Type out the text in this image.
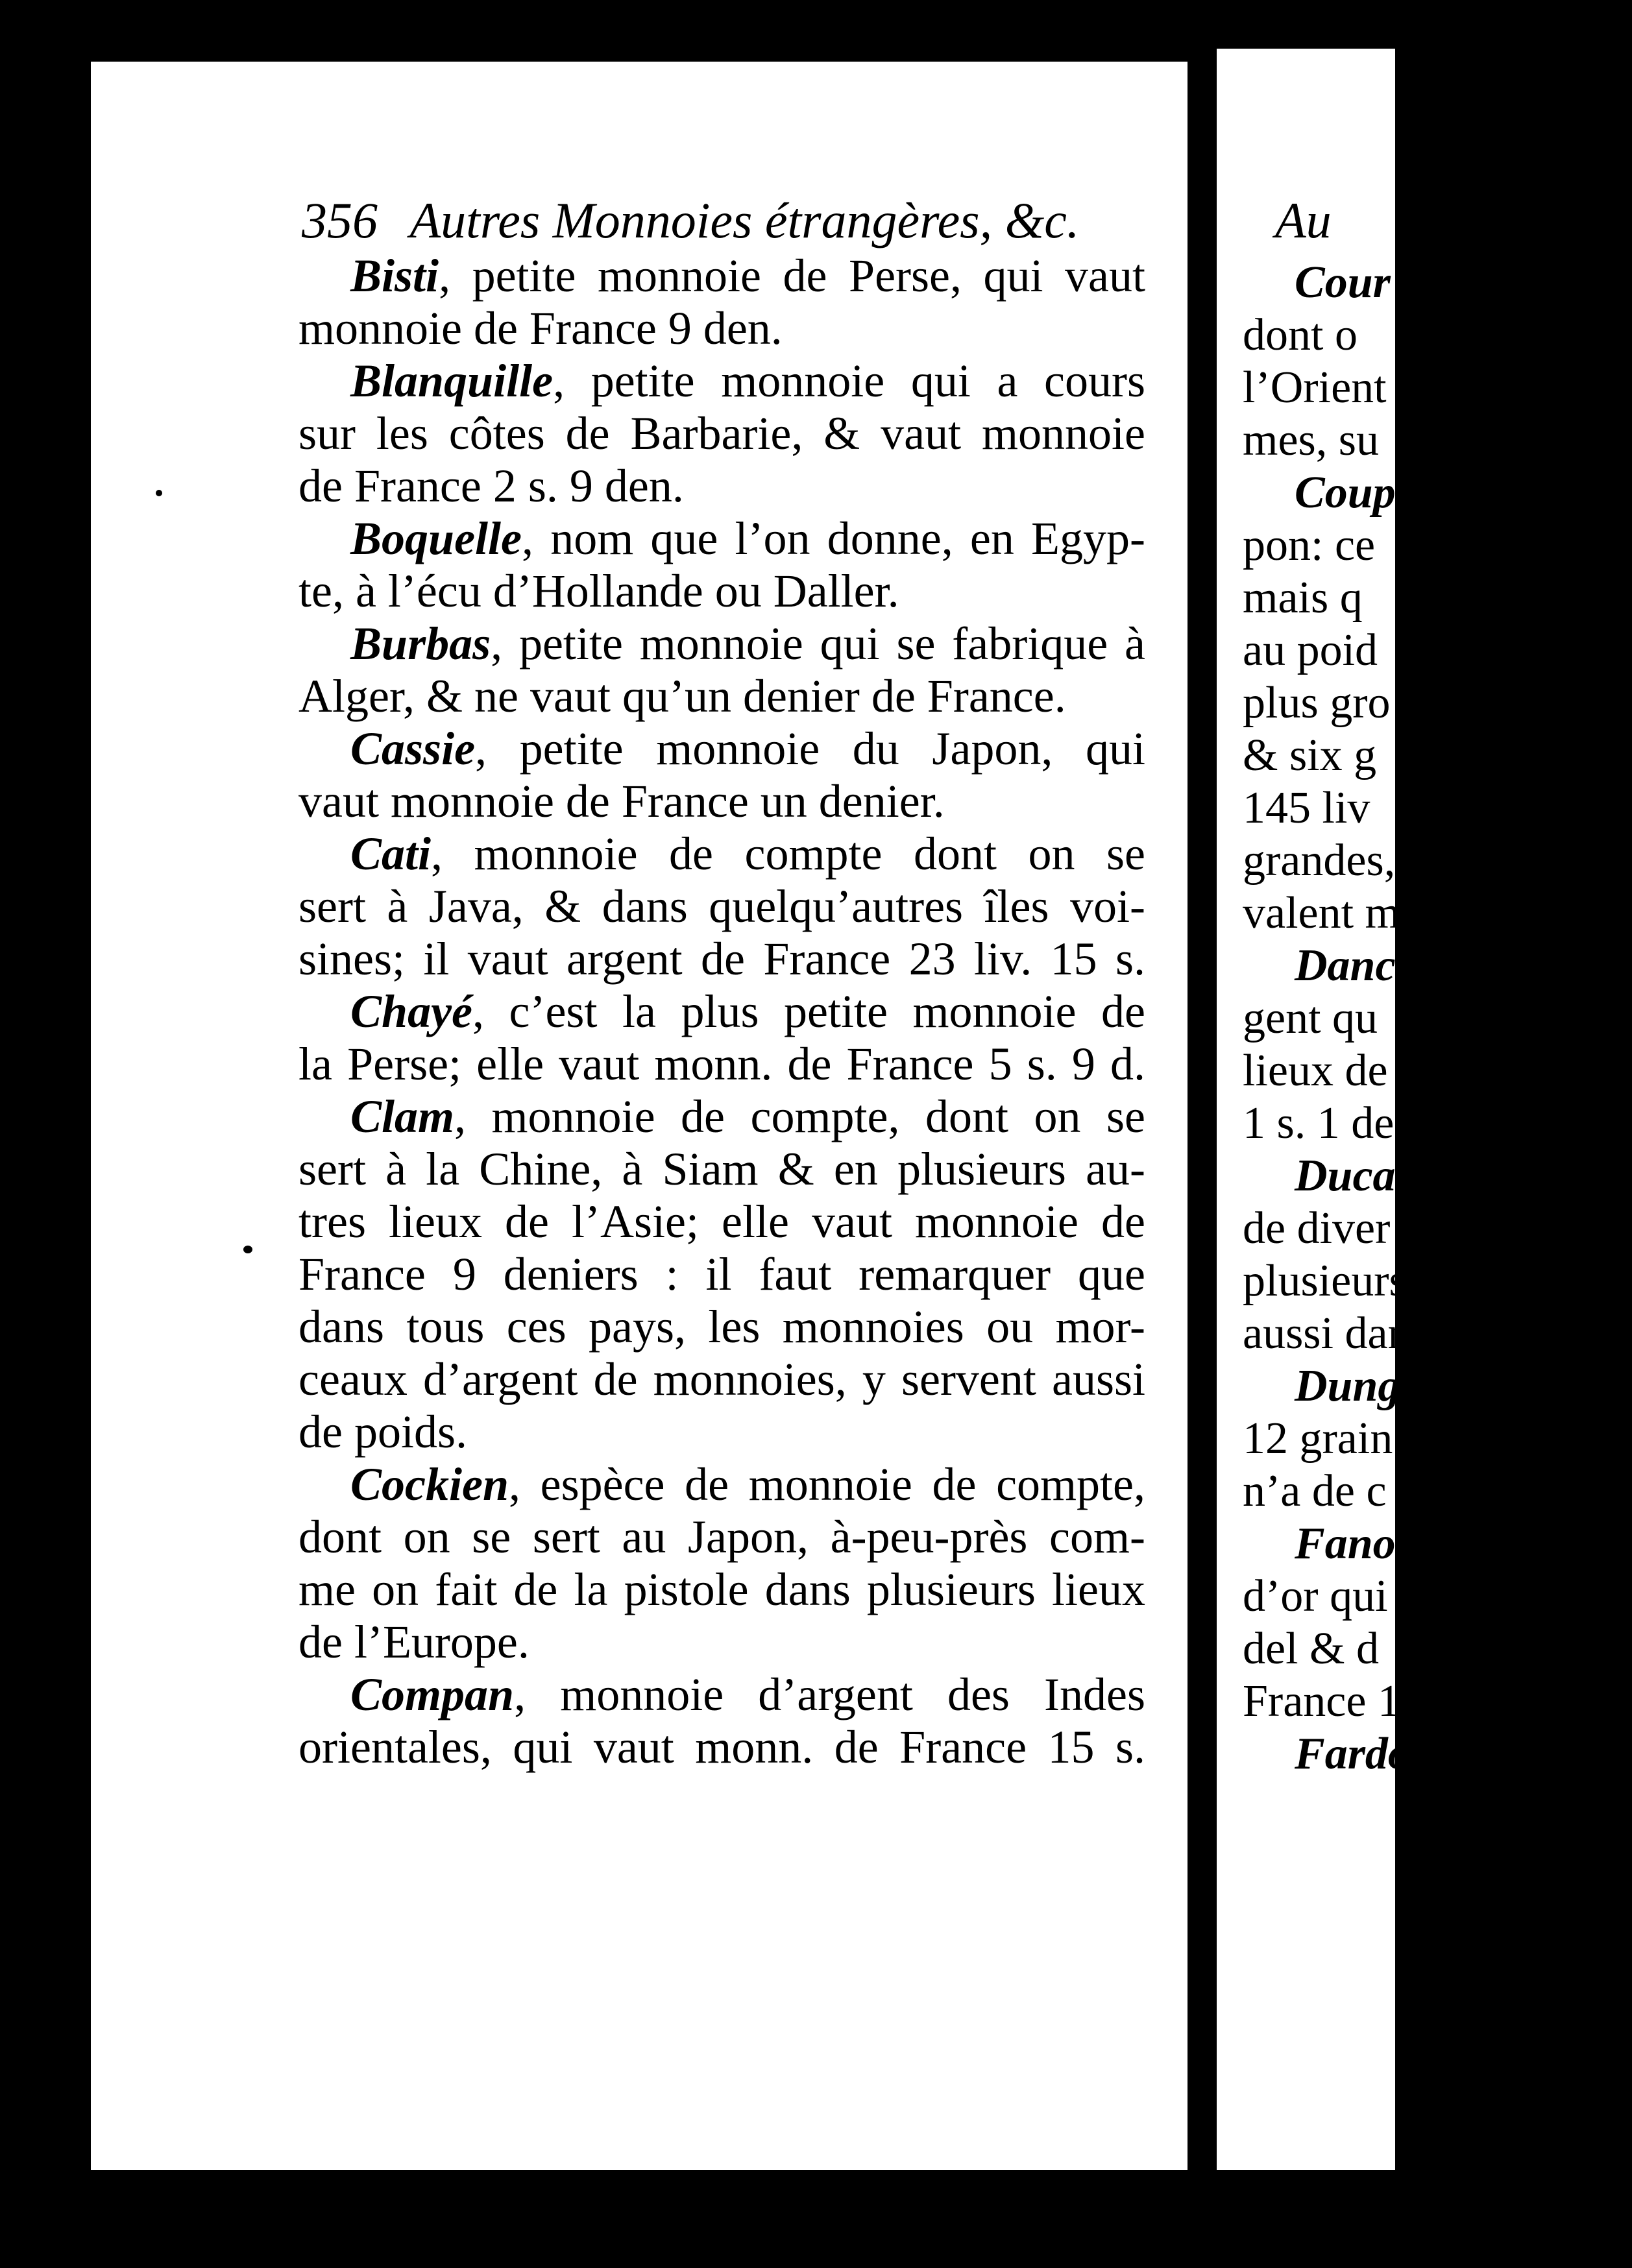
356 Autres Monnoies étrangères, &c.
Bisti, petite monnoie de Perse, qui vaut
monnoie de France 9 den.
Blanquille, petite monnoie qui a cours
sur les côtes de Barbarie, & vaut monnoie
de France 2 s. 9 den.
Boquelle, nom que l’on donne, en Egyp-
te, à l’écu d’Hollande ou Daller.
Burbas, petite monnoie qui se fabrique à
Alger, & ne vaut qu’un denier de France.
Cassie, petite monnoie du Japon, qui
vaut monnoie de France un denier.
Cati, monnoie de compte dont on se
sert à Java, & dans quelqu’autres îles voi-
sines; il vaut argent de France 23 liv. 15 s.
Chayé, c’est la plus petite monnoie de
la Perse; elle vaut monn. de France 5 s. 9 d.
Clam, monnoie de compte, dont on se
sert à la Chine, à Siam & en plusieurs au-
tres lieux de l’Asie; elle vaut monnoie de
France 9 deniers : il faut remarquer que
dans tous ces pays, les monnoies ou mor-
ceaux d’argent de monnoies, y servent aussi
de poids.
Cockien, espèce de monnoie de compte,
dont on se sert au Japon, à-peu-près com-
me on fait de la pistole dans plusieurs lieux
de l’Europe.
Compan, monnoie d’argent des Indes
orientales, qui vaut monn. de France 15 s.
Au
Cour
dont o
l’Orient
mes, su
Coup
pon: ce
mais q
au poid
plus gro
& six g
145 liv
grandes,
valent m
Danc
gent qu
lieux de
1 s. 1 de
Ducat
de diver
plusieurs
aussi dan
Dung
12 grain
n’a de c
Fanon
d’or qui
del & d
France 1
Fardos
